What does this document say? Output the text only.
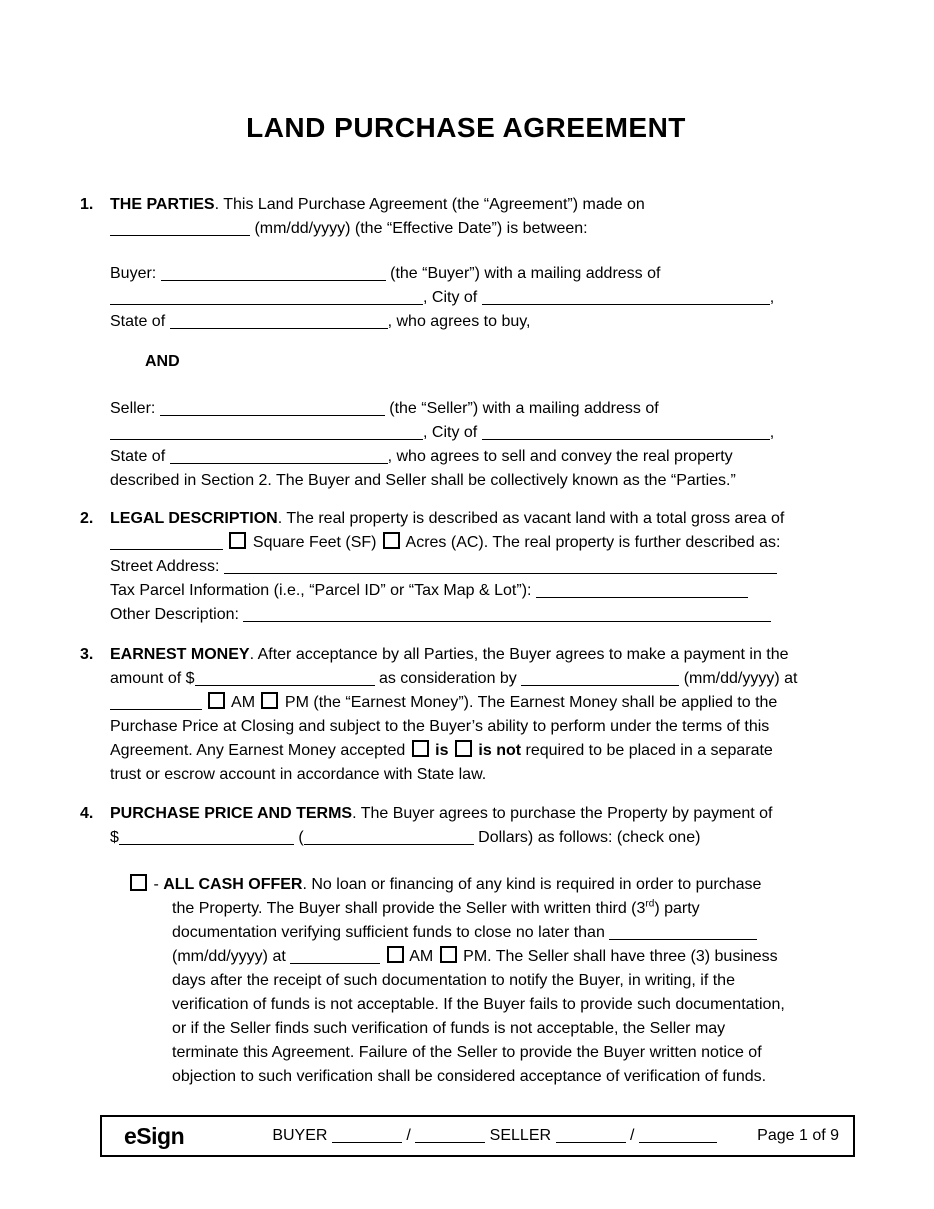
LAND PURCHASE AGREEMENT
1. THE PARTIES. This Land Purchase Agreement (the “Agreement”) made on
(mm/dd/yyyy) (the “Effective Date”) is between:
Buyer:	(the “Buyer”) with a mailing address of
, City of	,
State of	, who agrees to buy,
AND
Seller:	(the “Seller”) with a mailing address of
, City of	,
State of	, who agrees to sell and convey the real property
described in Section 2. The Buyer and Seller shall be collectively known as the “Parties.”
2. LEGAL DESCRIPTION. The real property is described as vacant land with a total gross area of
Square Feet (SF)  Acres (AC). The real property is further described as:
Street Address:
Tax Parcel Information (i.e., “Parcel ID” or “Tax Map & Lot”):
Other Description:
3. EARNEST MONEY. After acceptance by all Parties, the Buyer agrees to make a payment in the
amount of $	as consideration by	(mm/dd/yyyy) at
AM  PM (the “Earnest Money”). The Earnest Money shall be applied to the
Purchase Price at Closing and subject to the Buyer’s ability to perform under the terms of this
Agreement. Any Earnest Money accepted  is  is not required to be placed in a separate
trust or escrow account in accordance with State law.
4. PURCHASE PRICE AND TERMS. The Buyer agrees to purchase the Property by payment of
$	(	Dollars) as follows: (check one)
- ALL CASH OFFER. No loan or financing of any kind is required in order to purchase
the Property. The Buyer shall provide the Seller with written third (3rd) party
documentation verifying sufficient funds to close no later than
(mm/dd/yyyy) at	AM  PM. The Seller shall have three (3) business
days after the receipt of such documentation to notify the Buyer, in writing, if the
verification of funds is not acceptable. If the Buyer fails to provide such documentation,
or if the Seller finds such verification of funds is not acceptable, the Seller may
terminate this Agreement. Failure of the Seller to provide the Buyer written notice of
objection to such verification shall be considered acceptance of verification of funds.
eSign	BUYER	/	SELLER	/	Page 1 of 9
